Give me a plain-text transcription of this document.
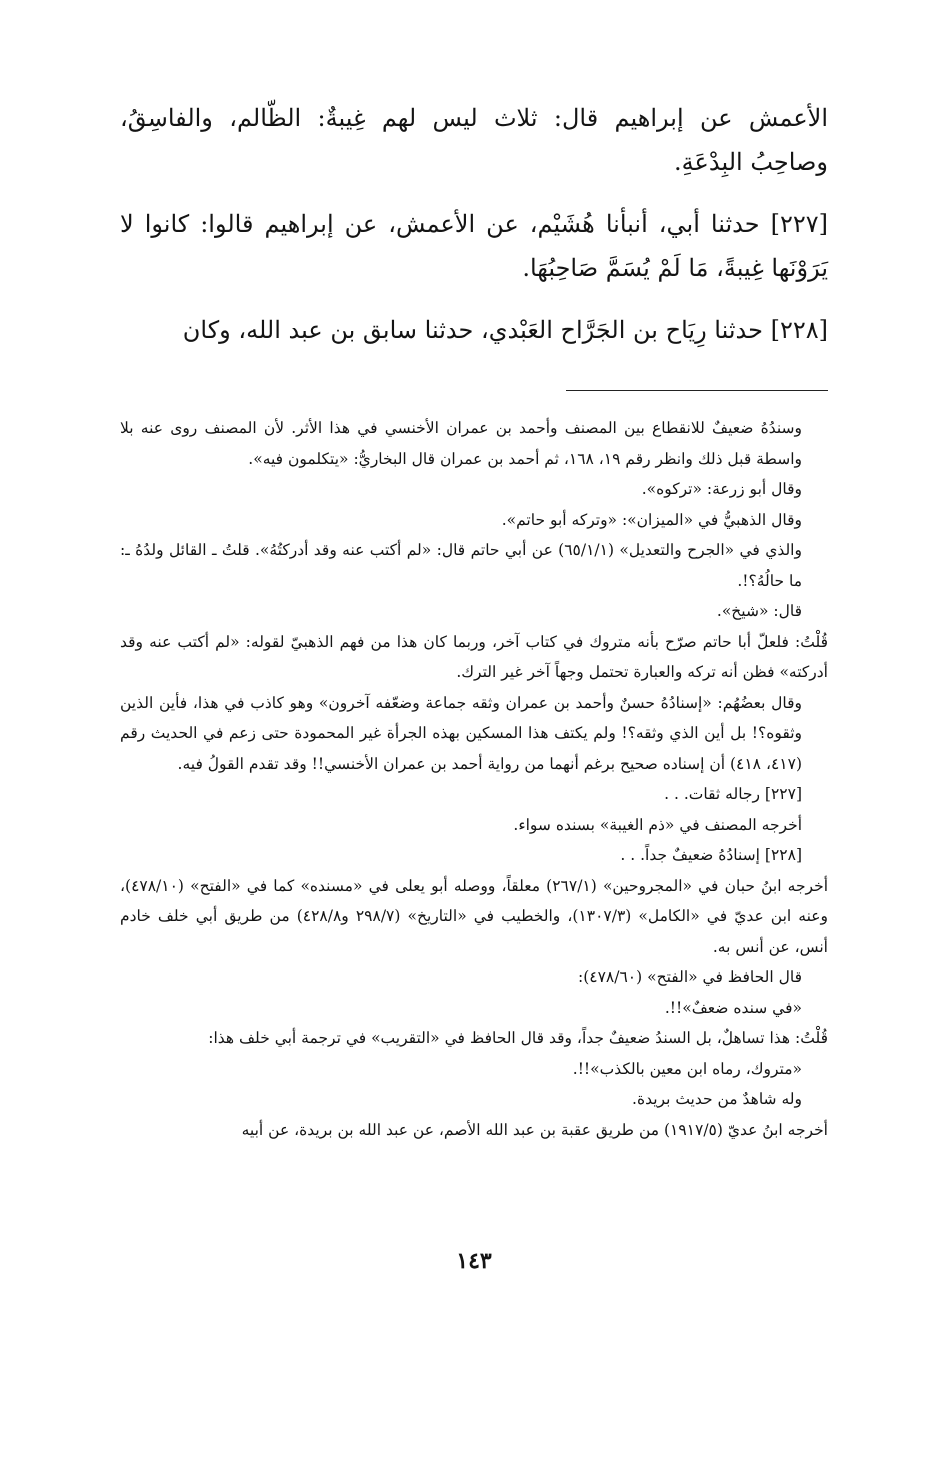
الأعمش عن إبراهيم قال: ثلاث ليس لهم غِيبةٌ: الظّالم، والفاسِقُ، وصاحِبُ البِدْعَةِ.

[٢٢٧] حدثنا أبي، أنبأنا هُشَيْم، عن الأعمش، عن إبراهيم قالوا: كانوا لا يَرَوْنَها غِيبةً، مَا لَمْ يُسَمَّ صَاحِبُهَا.

[٢٢٨] حدثنا رِيَاح بن الجَرَّاح العَبْدي، حدثنا سابق بن عبد الله، وكان

وسندُهُ ضعيفٌ للانقطاع بين المصنف وأحمد بن عمران الأخنسي في هذا الأثر. لأن المصنف روى عنه بلا واسطة قبل ذلك وانظر رقم ١٩، ١٦٨، ثم أحمد بن عمران قال البخاريُّ: «يتكلمون فيه».

وقال أبو زرعة: «تركوه».

وقال الذهبيُّ في «الميزان»: «وتركه أبو حاتم».

والذي في «الجرح والتعديل» (٦٥/١/١) عن أبي حاتم قال: «لم أكتب عنه وقد أدركتُهُ». قلتُ ـ القائل ولدُهُ ـ: ما حالُهُ؟!.

قال: «شيخ».

قُلْتُ: فلعلّ أبا حاتم صرّح بأنه متروك في كتاب آخر، وربما كان هذا من فهم الذهبيّ لقوله: «لم أكتب عنه وقد أدركته» فظن أنه تركه والعبارة تحتمل وجهاً آخر غير الترك.

وقال بعضُهُم: «إسنادُهُ حسنٌ وأحمد بن عمران وثقه جماعة وضعّفه آخرون» وهو كاذب في هذا، فأين الذين وثقوه؟! بل أين الذي وثقه؟! ولم يكتف هذا المسكين بهذه الجرأة غير المحمودة حتى زعم في الحديث رقم (٤١٧، ٤١٨) أن إسناده صحيح برغم أنهما من رواية أحمد بن عمران الأخنسي!! وقد تقدم القولُ فيه.

[٢٢٧] رجاله ثقات. . .

أخرجه المصنف في «ذم الغيبة» بسنده سواء.

[٢٢٨] إسنادُهُ ضعيفٌ جداً. . .

أخرجه ابنُ حبان في «المجروحين» (٢٦٧/١) معلقاً، ووصله أبو يعلى في «مسنده» كما في «الفتح» (٤٧٨/١٠)، وعنه ابن عديّ في «الكامل» (١٣٠٧/٣)، والخطيب في «التاريخ» (٢٩٨/٧ و٤٢٨/٨) من طريق أبي خلف خادم أنس، عن أنس به.

قال الحافظ في «الفتح» (٤٧٨/٦٠):

«في سنده ضعفٌ»!!.

قُلْتُ: هذا تساهلٌ، بل السندُ ضعيفٌ جداً، وقد قال الحافظ في «التقريب» في ترجمة أبي خلف هذا:

«متروك، رماه ابن معين بالكذب»!!.

وله شاهدٌ من حديث بريدة.

أخرجه ابنُ عديّ (١٩١٧/٥) من طريق عقبة بن عبد الله الأصم، عن عبد الله بن بريدة، عن أبيه

١٤٣
